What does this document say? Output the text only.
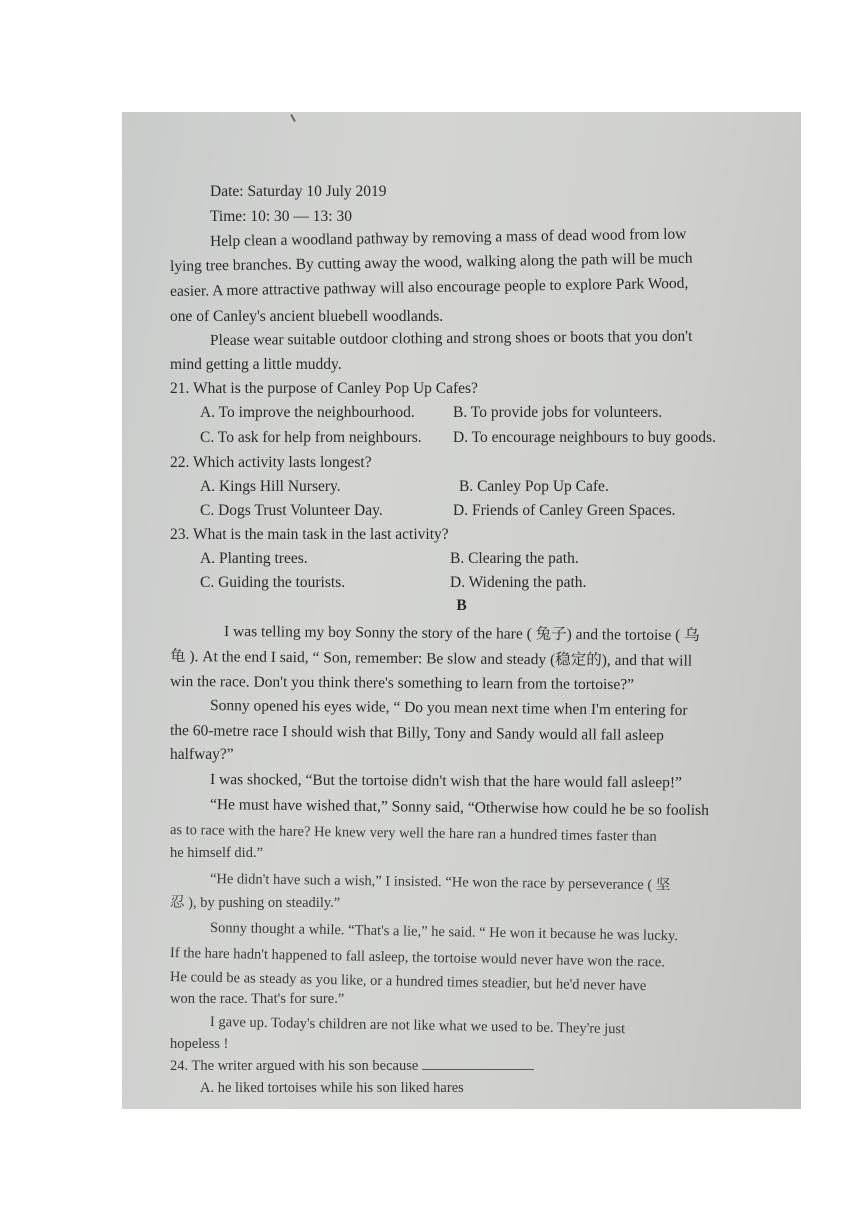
Date: Saturday 10 July 2019
Time: 10: 30 — 13: 30
Help clean a woodland pathway by removing a mass of dead wood from low
lying tree branches. By cutting away the wood, walking along the path will be much
easier. A more attractive pathway will also encourage people to explore Park Wood,
one of Canley's ancient bluebell woodlands.
Please wear suitable outdoor clothing and strong shoes or boots that you don't
mind getting a little muddy.
21. What is the purpose of Canley Pop Up Cafes?
A. To improve the neighbourhood. B. To provide jobs for volunteers.
C. To ask for help from neighbours. D. To encourage neighbours to buy goods.
22. Which activity lasts longest?
A. Kings Hill Nursery.	B. Canley Pop Up Cafe.
C. Dogs Trust Volunteer Day.	D. Friends of Canley Green Spaces.
23. What is the main task in the last activity?
A. Planting trees.	B. Clearing the path.
C. Guiding the tourists.	D. Widening the path.
B
I was telling my boy Sonny the story of the hare ( 兔子) and the tortoise ( 乌
龟 ). At the end I said, “ Son, remember: Be slow and steady (稳定的), and that will
win the race. Don't you think there's something to learn from the tortoise?”
Sonny opened his eyes wide, “ Do you mean next time when I'm entering for
the 60-metre race I should wish that Billy, Tony and Sandy would all fall asleep
halfway?”
I was shocked, “But the tortoise didn't wish that the hare would fall asleep!”
“He must have wished that,” Sonny said, “Otherwise how could he be so foolish
as to race with the hare? He knew very well the hare ran a hundred times faster than
he himself did.”
“He didn't have such a wish,” I insisted. “He won the race by perseverance ( 坚
忍 ), by pushing on steadily.”
Sonny thought a while. “That's a lie,” he said. “ He won it because he was lucky.
If the hare hadn't happened to fall asleep, the tortoise would never have won the race.
He could be as steady as you like, or a hundred times steadier, but he'd never have
won the race. That's for sure.”
I gave up. Today's children are not like what we used to be. They're just
hopeless !
24. The writer argued with his son because
A. he liked tortoises while his son liked hares
